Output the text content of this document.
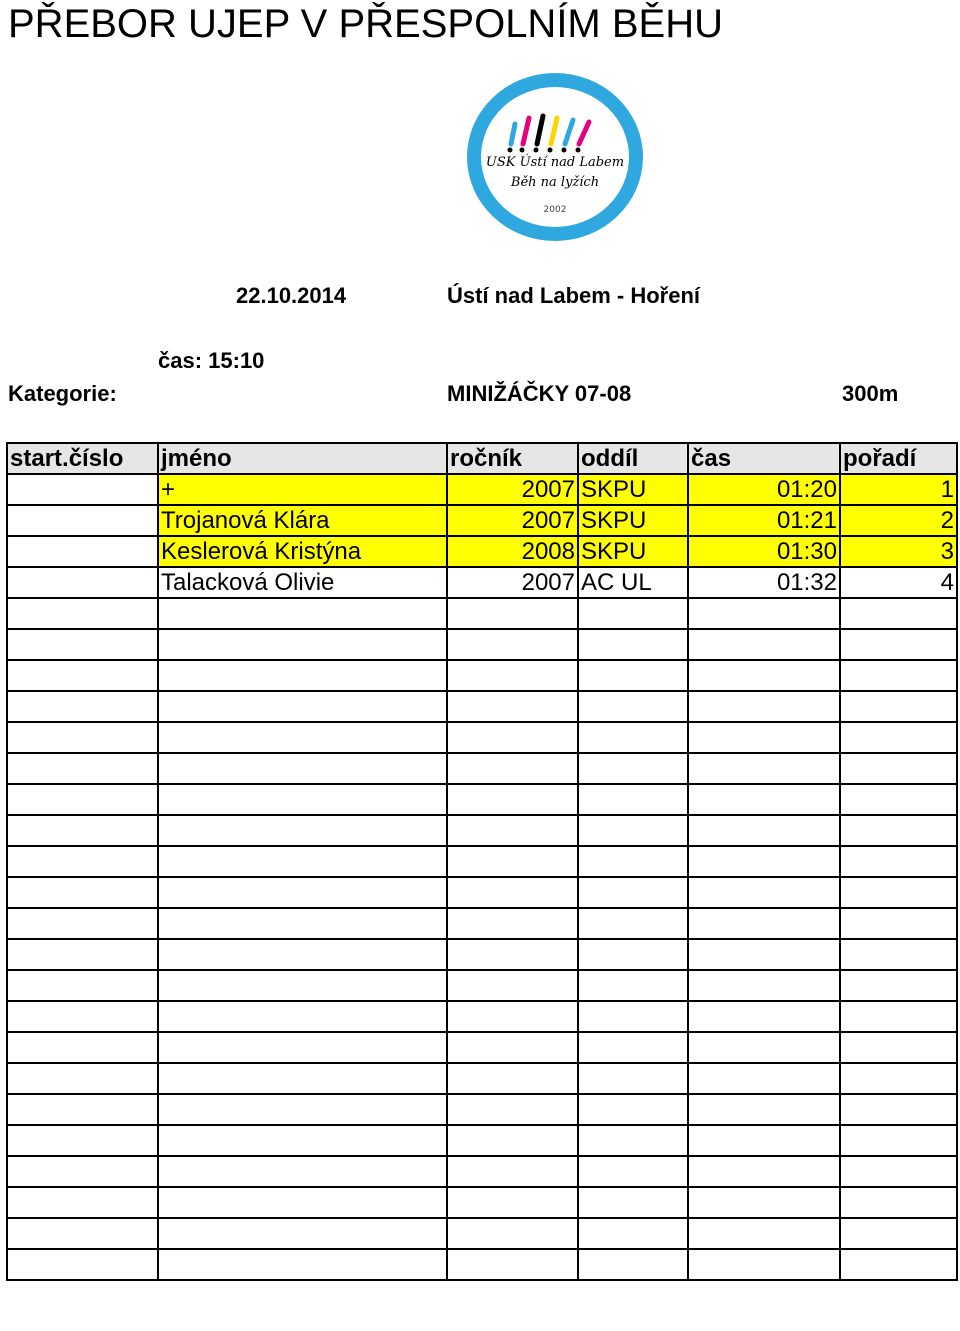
PŘEBOR UJEP V PŘESPOLNÍM BĚHU
USK Ústí nad Labem
Běh na lyžích
2002
22.10.2014	Ústí nad Labem - Hoření
čas: 15:10
Kategorie:	MINIŽÁČKY 07-08	300m
start.číslo	jméno	ročník	oddíl	čas	pořadí
	+	2007	SKPU	01:20	1
	Trojanová Klára	2007	SKPU	01:21	2
	Keslerová Kristýna	2008	SKPU	01:30	3
	Talacková Olivie	2007	AC UL	01:32	4
